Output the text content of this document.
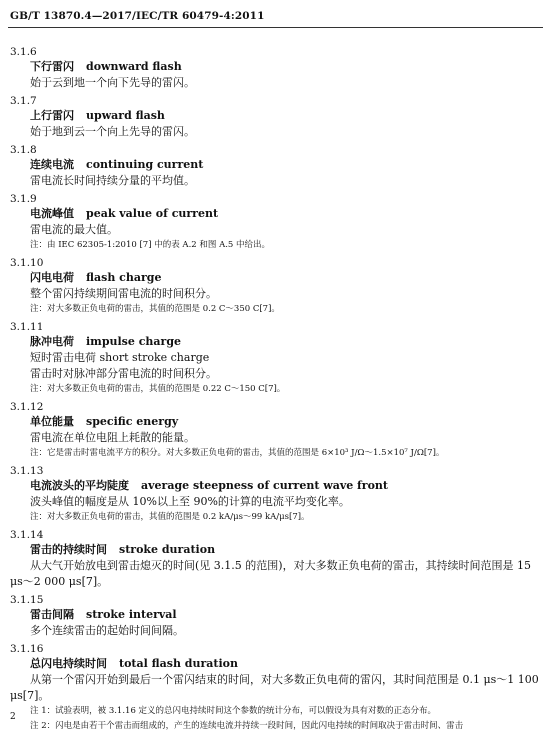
GB/T 13870.4—2017/IEC/TR 60479-4:2011
3.1.6
下行雷闪 downward flash
始于云到地一个向下先导的雷闪。
3.1.7
上行雷闪 upward flash
始于地到云一个向上先导的雷闪。
3.1.8
连续电流 continuing current
雷电流长时间持续分量的平均值。
3.1.9
电流峰值 peak value of current
雷电流的最大值。
注：由 IEC 62305-1:2010 [7] 中的表 A.2 和图 A.5 中给出。
3.1.10
闪电电荷 flash charge
整个雷闪持续期间雷电流的时间积分。
注：对大多数正负电荷的雷击，其值的范围是 0.2 C～350 C[7]。
3.1.11
脉冲电荷 impulse charge
短时雷击电荷 short stroke charge
雷击时对脉冲部分雷电流的时间积分。
注：对大多数正负电荷的雷击，其值的范围是 0.22 C～150 C[7]。
3.1.12
单位能量 specific energy
雷电流在单位电阻上耗散的能量。
注：它是雷击时雷电流平方的积分。对大多数正负电荷的雷击，其值的范围是 6×10³ J/Ω～1.5×10⁷ J/Ω[7]。
3.1.13
电流波头的平均陡度 average steepness of current wave front
波头峰值的幅度是从 10%以上至 90%的计算的电流平均变化率。
注：对大多数正负电荷的雷击，其值的范围是 0.2 kA/μs～99 kA/μs[7]。
3.1.14
雷击的持续时间 stroke duration
从大气开始放电到雷击熄灭的时间(见 3.1.5 的范围)，对大多数正负电荷的雷击，其持续时间范围是 15 μs～2 000 μs[7]。
3.1.15
雷击间隔 stroke interval
多个连续雷击的起始时间间隔。
3.1.16
总闪电持续时间 total flash duration
从第一个雷闪开始到最后一个雷闪结束的时间，对大多数正负电荷的雷闪，其时间范围是 0.1 μs～1 100 μs[7]。
注 1：试验表明，被 3.1.16 定义的总闪电持续时间这个参数的统计分布，可以假设为具有对数的正态分布。
注 2：闪电是由若干个雷击而组成的，产生的连续电流并持续一段时间，因此闪电持续的时间取决于雷击时间、雷击
2
